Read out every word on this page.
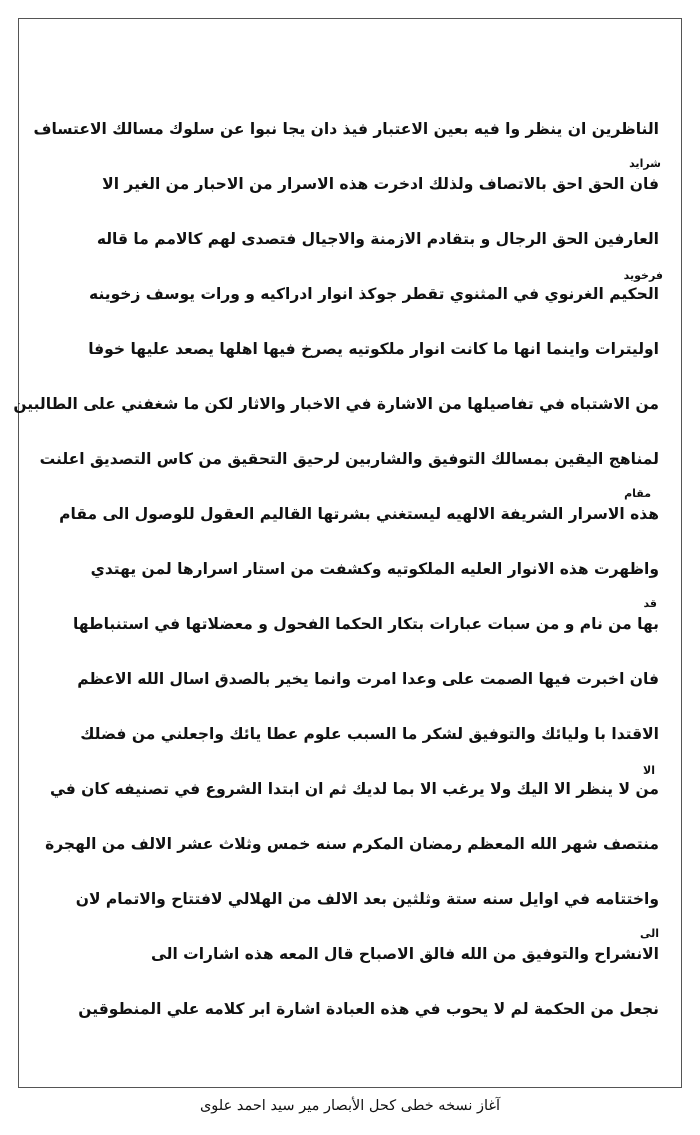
الناظرين ان ينظر وا فيه بعين الاعتبار فيذ دان يجا نبوا عن سلوك مسالك الاعتساف

فان الحق احق بالاتصاف ولذلك ادخرت هذه الاسرار من الاحبار من الغير الا

العارفين الحق الرجال و بتقادم الازمنة والاجيال فتصدى لهم كالامم ما قاله

الحكيم الغرنوي في المثنوي تقطر جوكذ انوار ادراكيه و ورات يوسف زخوينه

اوليترات واينما انها ما كانت انوار ملكوتيه يصرخ فيها اهلها يصعد عليها خوفا

من الاشتباه في تفاصيلها من الاشارة في الاخبار والاثار لكن ما شغفني على الطالبين

لمناهج اليقين بمسالك التوفيق والشاربين لرحيق التحقيق من كاس التصديق اعلنت

هذه الاسرار الشريفة الالهيه ليستغني بشرتها القاليم العقول للوصول الى مقام

واظهرت هذه الانوار العليه الملكوتيه وكشفت من استار اسرارها لمن يهتدي

بها من نام و من سبات عبارات بتكار الحكما الفحول و معضلاتها في استنباطها

فان اخبرت فيها الصمت على وعدا امرت وانما يخير بالصدق اسال الله الاعظم

الاقتدا با وليائك والتوفيق لشكر ما السبب علوم عطا يائك واجعلني من فضلك

من لا ينظر الا اليك ولا يرغب الا بما لديك ثم ان ابتدا الشروع في تصنيفه كان في

منتصف شهر الله المعظم رمضان المكرم سنه خمس وثلاث عشر الالف من الهجرة

واختتامه في اوايل سنه ستة وثلثين بعد الالف من الهلالي لافتتاح والاتمام لان

الانشراح والتوفيق من الله فالق الاصباح قال المعه هذه اشارات الى

نجعل من الحكمة لم لا يحوب في هذه العبادة اشارة ابر كلامه علي المنطوقين

شرايد
فرخويد
مقام
قد
الا
الى
آغاز نسخه خطی کحل الأبصار میر سید احمد علوی
